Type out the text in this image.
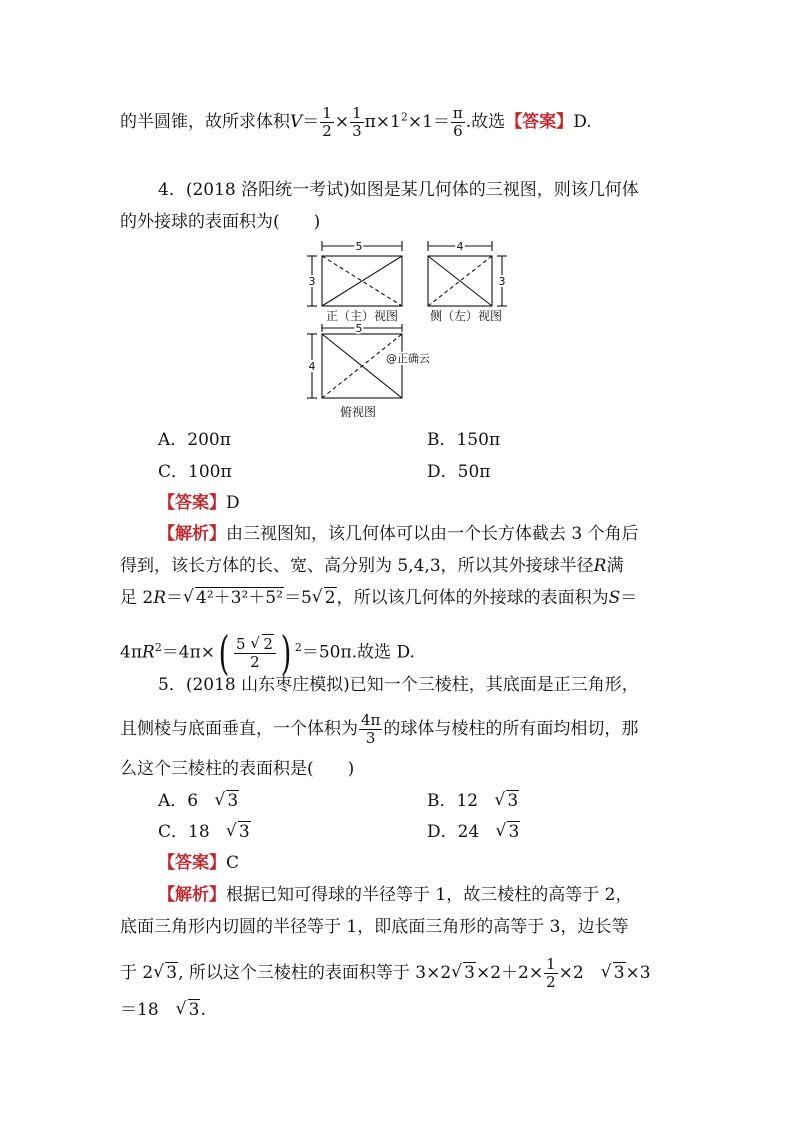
的半圆锥，故所求体积$V= \frac{1}{2} \times \frac{1}{3} \pi\times 1^2\times 1= \frac{\pi}{6}$ .故选【答案】D.
4．(2018 洛阳统一考试)如图是某几何体的三视图，则该几何体
的外接球的表面积为(　　)
5
3
正（主）视图
4
3
侧（左）视图
5
4
@正确云
俯视图
A．200π	B．150π
C．100π	D．50π
【答案】D
【解析】由三视图知，该几何体可以由一个长方体截去 3 个角后
得到，该长方体的长、宽、高分别为 5,4,3，所以其外接球半径R满
足 2R＝ √ 4²＋3²＋5²＝5 √ 2，所以该几何体的外接球的表面积为S＝
$4\pi R^2=4\pi\times( \frac{5 √ 2}{2}$ ) $^2$＝50π.故选 D.
5．(2018 山东枣庄模拟)已知一个三棱柱，其底面是正三角形，
且侧棱与底面垂直，一个体积为 $\frac{4\pi}{3}$ 的球体与棱柱的所有面均相切，那
么这个三棱柱的表面积是(　　)
A．6 √ 3	B．12 √ 3
C．18 √ 3	D．24 √ 3
【答案】C
【解析】根据已知可得球的半径等于 1，故三棱柱的高等于 2，
底面三角形内切圆的半径等于 1，即底面三角形的高等于 3，边长等
于 2 √ 3, 所以这个三棱柱的表面积等于 3×2 √ $3\times 2+2\times \frac{1}{2} \times 2$　√ 3×3
＝18　√ 3.
